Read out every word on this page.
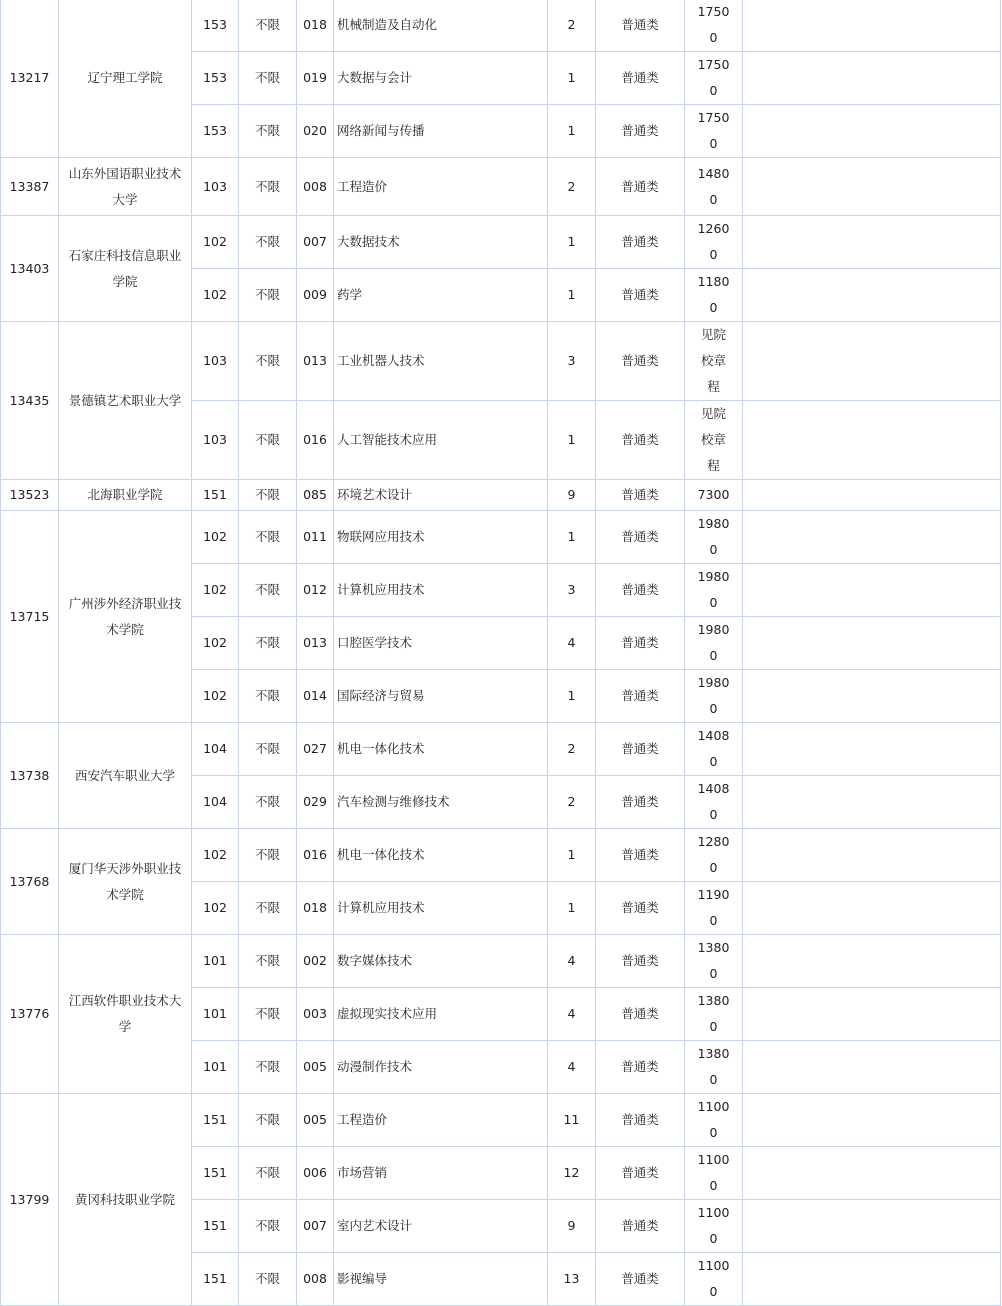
13217	辽宁理工学院	153	不限	018	机械制造及自动化	2	普通类	17500	
		153	不限	019	大数据与会计	1	普通类	17500	
		153	不限	020	网络新闻与传播	1	普通类	17500	
13387	山东外国语职业技术大学	103	不限	008	工程造价	2	普通类	14800	
13403	石家庄科技信息职业学院	102	不限	007	大数据技术	1	普通类	12600	
		102	不限	009	药学	1	普通类	11800	
13435	景德镇艺术职业大学	103	不限	013	工业机器人技术	3	普通类	见院校章程	
		103	不限	016	人工智能技术应用	1	普通类	见院校章程	
13523	北海职业学院	151	不限	085	环境艺术设计	9	普通类	7300	
13715	广州涉外经济职业技术学院	102	不限	011	物联网应用技术	1	普通类	19800	
		102	不限	012	计算机应用技术	3	普通类	19800	
		102	不限	013	口腔医学技术	4	普通类	19800	
		102	不限	014	国际经济与贸易	1	普通类	19800	
13738	西安汽车职业大学	104	不限	027	机电一体化技术	2	普通类	14080	
		104	不限	029	汽车检测与维修技术	2	普通类	14080	
13768	厦门华天涉外职业技术学院	102	不限	016	机电一体化技术	1	普通类	12800	
		102	不限	018	计算机应用技术	1	普通类	11900	
13776	江西软件职业技术大学	101	不限	002	数字媒体技术	4	普通类	13800	
		101	不限	003	虚拟现实技术应用	4	普通类	13800	
		101	不限	005	动漫制作技术	4	普通类	13800	
13799	黄冈科技职业学院	151	不限	005	工程造价	11	普通类	11000	
		151	不限	006	市场营销	12	普通类	11000	
		151	不限	007	室内艺术设计	9	普通类	11000	
		151	不限	008	影视编导	13	普通类	11000	
